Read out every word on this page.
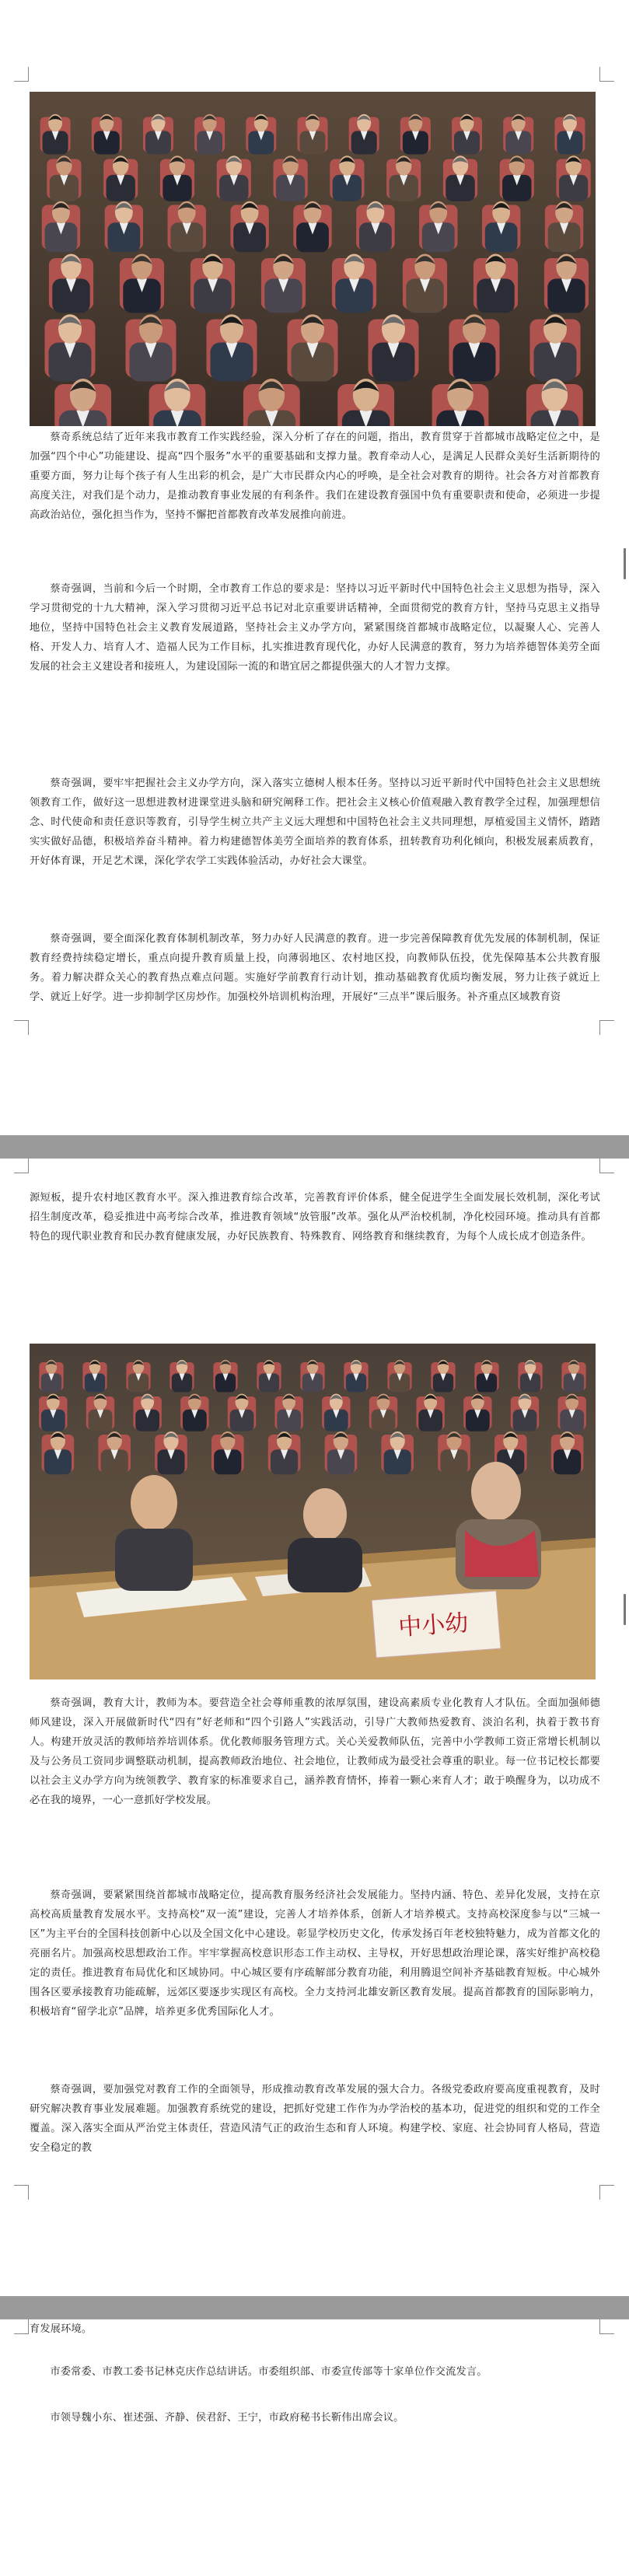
蔡奇系统总结了近年来我市教育工作实践经验，深入分析了存在的问题，指出，教育贯穿于首都城市战略定位之中，是加强“四个中心”功能建设、提高“四个服务”水平的重要基础和支撑力量。教育牵动人心，是满足人民群众美好生活新期待的重要方面，努力让每个孩子有人生出彩的机会，是广大市民群众内心的呼唤，是全社会对教育的期待。社会各方对首都教育高度关注，对我们是个动力，是推动教育事业发展的有利条件。我们在建设教育强国中负有重要职责和使命，必须进一步提高政治站位，强化担当作为，坚持不懈把首都教育改革发展推向前进。

蔡奇强调，当前和今后一个时期，全市教育工作总的要求是：坚持以习近平新时代中国特色社会主义思想为指导，深入学习贯彻党的十九大精神，深入学习贯彻习近平总书记对北京重要讲话精神，全面贯彻党的教育方针，坚持马克思主义指导地位，坚持中国特色社会主义教育发展道路，坚持社会主义办学方向，紧紧围绕首都城市战略定位，以凝聚人心、完善人格、开发人力、培育人才、造福人民为工作目标，扎实推进教育现代化，办好人民满意的教育，努力为培养德智体美劳全面发展的社会主义建设者和接班人，为建设国际一流的和谐宜居之都提供强大的人才智力支撑。

蔡奇强调，要牢牢把握社会主义办学方向，深入落实立德树人根本任务。坚持以习近平新时代中国特色社会主义思想统领教育工作，做好这一思想进教材进课堂进头脑和研究阐释工作。把社会主义核心价值观融入教育教学全过程，加强理想信念、时代使命和责任意识等教育，引导学生树立共产主义远大理想和中国特色社会主义共同理想，厚植爱国主义情怀，踏踏实实做好品德，积极培养奋斗精神。着力构建德智体美劳全面培养的教育体系，扭转教育功利化倾向，积极发展素质教育，开好体育课，开足艺术课，深化学农学工实践体验活动，办好社会大课堂。

蔡奇强调，要全面深化教育体制机制改革，努力办好人民满意的教育。进一步完善保障教育优先发展的体制机制，保证教育经费持续稳定增长，重点向提升教育质量上投，向薄弱地区、农村地区投，向教师队伍投，优先保障基本公共教育服务。着力解决群众关心的教育热点难点问题。实施好学前教育行动计划，推动基础教育优质均衡发展，努力让孩子就近上学、就近上好学。进一步抑制学区房炒作。加强校外培训机构治理，开展好“三点半”课后服务。补齐重点区域教育资

源短板，提升农村地区教育水平。深入推进教育综合改革，完善教育评价体系，健全促进学生全面发展长效机制，深化考试招生制度改革，稳妥推进中高考综合改革，推进教育领域“放管服”改革。强化从严治校机制，净化校园环境。推动具有首都特色的现代职业教育和民办教育健康发展，办好民族教育、特殊教育、网络教育和继续教育，为每个人成长成才创造条件。

中小幼

蔡奇强调，教育大计，教师为本。要营造全社会尊师重教的浓厚氛围，建设高素质专业化教育人才队伍。全面加强师德师风建设，深入开展做新时代“四有”好老师和“四个引路人”实践活动，引导广大教师热爱教育、淡泊名利，执着于教书育人。构建开放灵活的教师培养培训体系。优化教师服务管理方式。关心关爱教师队伍，完善中小学教师工资正常增长机制以及与公务员工资同步调整联动机制，提高教师政治地位、社会地位，让教师成为最受社会尊重的职业。每一位书记校长都要以社会主义办学方向为统领教学、教育家的标准要求自己，涵养教育情怀，捧着一颗心来育人才；敢于唤醒身为，以功成不必在我的境界，一心一意抓好学校发展。

蔡奇强调，要紧紧围绕首都城市战略定位，提高教育服务经济社会发展能力。坚持内涵、特色、差异化发展，支持在京高校高质量教育发展水平。支持高校“双一流”建设，完善人才培养体系，创新人才培养模式。支持高校深度参与以“三城一区”为主平台的全国科技创新中心以及全国文化中心建设。彰显学校历史文化，传承发扬百年老校独特魅力，成为首都文化的亮丽名片。加强高校思想政治工作。牢牢掌握高校意识形态工作主动权、主导权，开好思想政治理论课，落实好维护高校稳定的责任。推进教育布局优化和区域协同。中心城区要有序疏解部分教育功能，利用腾退空间补齐基础教育短板。中心城外围各区要承接教育功能疏解，远郊区要逐步实现区有高校。全力支持河北雄安新区教育发展。提高首都教育的国际影响力，积极培育“留学北京”品牌，培养更多优秀国际化人才。

蔡奇强调，要加强党对教育工作的全面领导，形成推动教育改革发展的强大合力。各级党委政府要高度重视教育，及时研究解决教育事业发展难题。加强教育系统党的建设，把抓好党建工作作为办学治校的基本功，促进党的组织和党的工作全覆盖。深入落实全面从严治党主体责任，营造风清气正的政治生态和育人环境。构建学校、家庭、社会协同育人格局，营造安全稳定的教

育发展环境。

市委常委、市教工委书记林克庆作总结讲话。市委组织部、市委宣传部等十家单位作交流发言。

市领导魏小东、崔述强、齐静、侯君舒、王宁，市政府秘书长靳伟出席会议。
